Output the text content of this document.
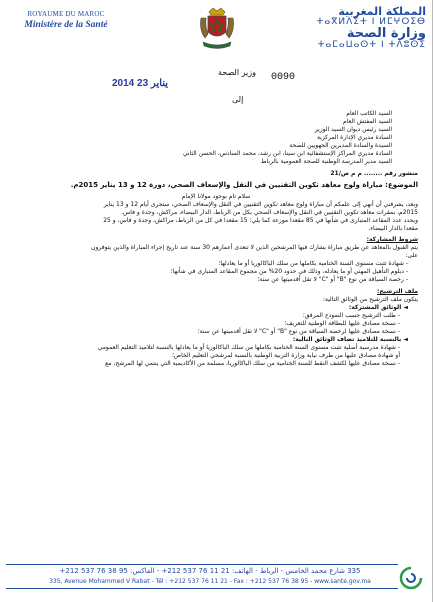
ROYAUME DU MAROC
Ministère de la Santé
المملكة المغربية
ⵜⴰⴳⵍⴷⵉⵜ ⵏ ⵍⵎⵖⵔⵉⴱ
وزارة الصحة
ⵜⴰⵎⴰⵡⴰⵙⵜ ⵏ ⵜⴷⵓⵙⵉ
2014 يناير 23
وزير الصحة	0090
إلى
السيد الكاتب العام
السيد المفتش العام
السيد رئيس ديوان السيد الوزير
السادة مديري الإدارة المركزية
السيدة والسادة المديرين الجهويين للصحة
السادة مديري المراكز الإستشفائية ابن سينا، ابن رشد، محمد السادس، الحسن الثاني
السيد مدير المدرسة الوطنية للصحة العمومية بالرباط
منشور رقم ........ م م ص/21
الموضوع: مباراة ولوج معاهد تكوين التقنيين في النقل والإسعاف الصحي، دورة 12 و 13 يناير 2015م.
سلام تام بوجود مولانا الإمام
وبعد، يشرفني أن أنهي إلى علمكم أن مباراة ولوج معاهد تكوين التقنيين في النقل والإسعاف الصحي، ستجرى أيام 12 و 13 يناير
2015م، بمقرات معاهد تكوين التقنيين في النقل والإسعاف الصحي بكل من الرباط، الدار البيضاء، مراكش، وجدة و فاس.
ويحدد عدد المقاعد المتبارى في شأنها في 85 مقعدا موزعة كما يلي: 15 مقعدا في كل من الرباط، مراكش، وجدة و فاس، و 25
مقعدا بالدار البيضاء.
شروط المشاركة:
يتم القبول بالمعاهد عن طريق مباراة يشارك فيها المرشحين الذين لا تتعدى أعمارهم 30 سنة عند تاريخ إجراء المباراة والذين يتوفرون
على:
- شهادة تثبت مستوى السنة الختامية بكاملها من سلك الباكالوريا أو ما يعادلها؛
- دبلوم التأهيل المهني أو ما يعادله، وذلك في حدود 20% من مجموع المقاعد المتبارى في شأنها؛
- رخصة السياقة من نوع "B" أو "C" لا تقل أقدميتها عن سنة؛
ملف الترشيح:
يتكون ملف الترشيح من الوثائق التالية:
◄ الوثائق المشتركة:
- طلب الترشيح حسب النموذج المرفق؛
- نسخة مصادق عليها للبطاقة الوطنية للتعريف؛
- نسخة مصادق عليها لرخصة السياقة من نوع "B" أو "C" لا تقل أقدميتها عن سنة؛
◄ بالنسبة للتلاميذ تضاف الوثائق التالية:
- شهادة مدرسية أصلية تثبت مستوى السنة الختامية بكاملها من سلك الباكالوريا أو ما يعادلها بالنسبة لتلاميذ التعليم العمومي
أو شهادة مصادق عليها من طرف نيابة وزارة التربية الوطنية بالنسبة لمرشحي التعليم الخاص؛
- نسخة مصادق عليها لكشف النقط للسنة الختامية من سلك الباكالوريا، مسلمة من الأكاديمية التي ينتمي لها المرشح، مع
335 شارع محمد الخامس - الرباط - الهاتف: 21 11 76 537 212+ - الفاكس: 95 38 76 537 212+
335, Avenue Mohammed V Rabat - Tél : +212 537 76 11 21 - Fax : +212 537 76 38 95 - www.sante.gov.ma
